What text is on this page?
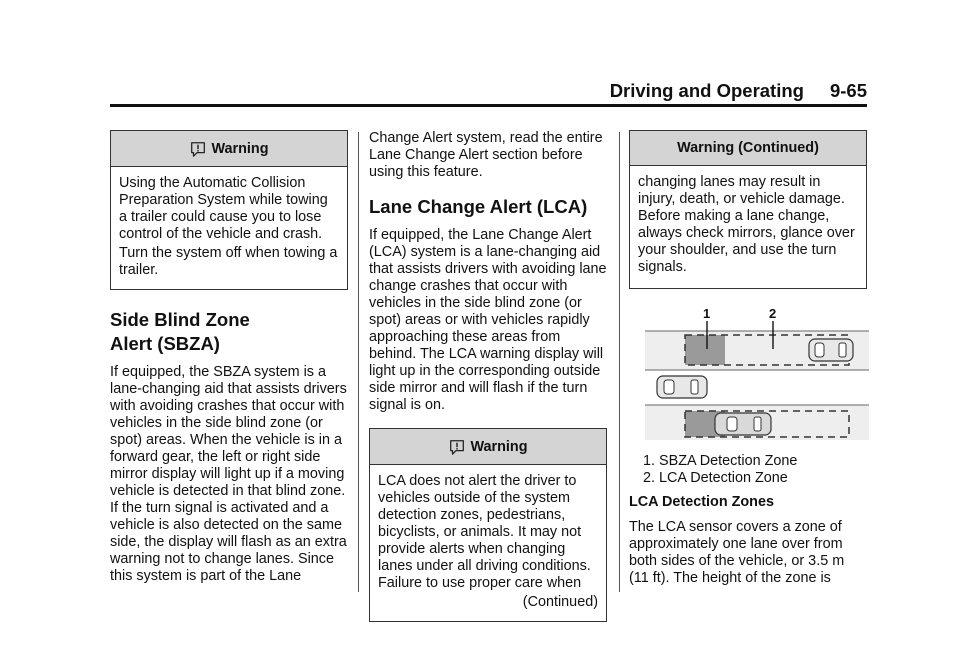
Driving and Operating 9-65
Warning

Using the Automatic Collision Preparation System while towing a trailer could cause you to lose control of the vehicle and crash.

Turn the system off when towing a trailer.

Side Blind Zone
Alert (SBZA)

If equipped, the SBZA system is a lane-changing aid that assists drivers with avoiding crashes that occur with vehicles in the side blind zone (or spot) areas. When the vehicle is in a forward gear, the left or right side mirror display will light up if a moving vehicle is detected in that blind zone. If the turn signal is activated and a vehicle is also detected on the same side, the display will flash as an extra warning not to change lanes. Since this system is part of the Lane

Change Alert system, read the entire Lane Change Alert section before using this feature.

Lane Change Alert (LCA)

If equipped, the Lane Change Alert (LCA) system is a lane-changing aid that assists drivers with avoiding lane change crashes that occur with vehicles in the side blind zone (or spot) areas or with vehicles rapidly approaching these areas from behind. The LCA warning display will light up in the corresponding outside side mirror and will flash if the turn signal is on.

Warning

LCA does not alert the driver to vehicles outside of the system detection zones, pedestrians, bicyclists, or animals. It may not provide alerts when changing lanes under all driving conditions. Failure to use proper care when

(Continued)

Warning (Continued)

changing lanes may result in injury, death, or vehicle damage. Before making a lane change, always check mirrors, glance over your shoulder, and use the turn signals.

1	2
1. SBZA Detection Zone
2. LCA Detection Zone

LCA Detection Zones

The LCA sensor covers a zone of approximately one lane over from both sides of the vehicle, or 3.5 m (11 ft). The height of the zone is
